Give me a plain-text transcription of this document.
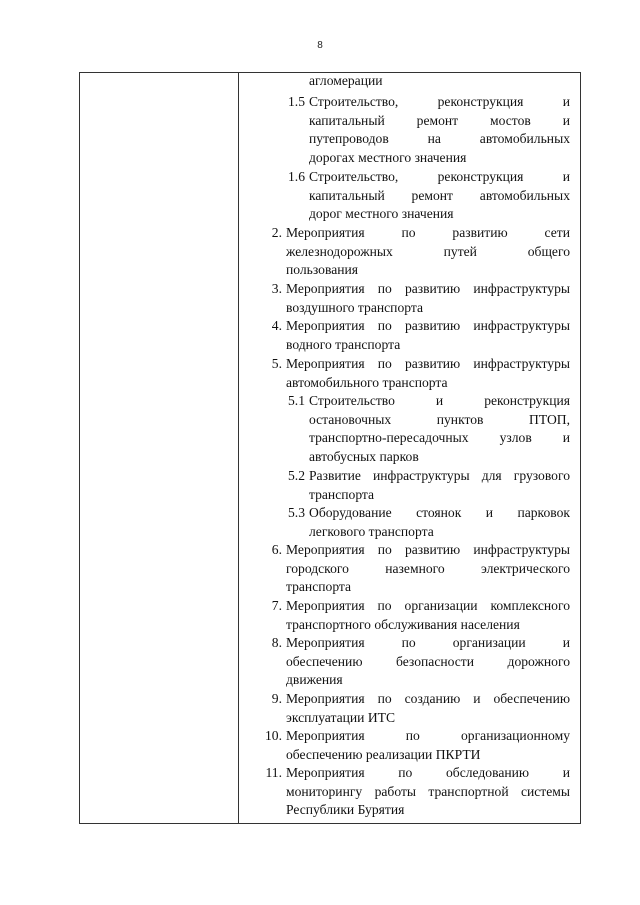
8
агломерации
1.5 Строительство, реконструкция и
капитальный ремонт мостов и
путепроводов на автомобильных
дорогах местного значения
1.6 Строительство, реконструкция и
капитальный ремонт автомобильных
дорог местного значения
2. Мероприятия по развитию сети
железнодорожных путей общего
пользования
3. Мероприятия по развитию инфраструктуры
воздушного транспорта
4. Мероприятия по развитию инфраструктуры
водного транспорта
5. Мероприятия по развитию инфраструктуры
автомобильного транспорта
5.1 Строительство и реконструкция
остановочных пунктов ПТОП,
транспортно-пересадочных узлов и
автобусных парков
5.2 Развитие инфраструктуры для грузового
транспорта
5.3 Оборудование стоянок и парковок
легкового транспорта
6. Мероприятия по развитию инфраструктуры
городского наземного электрического
транспорта
7. Мероприятия по организации комплексного
транспортного обслуживания населения
8. Мероприятия по организации и
обеспечению безопасности дорожного
движения
9. Мероприятия по созданию и обеспечению
эксплуатации ИТС
10. Мероприятия по организационному
обеспечению реализации ПКРТИ
11. Мероприятия по обследованию и
мониторингу работы транспортной системы
Республики Бурятия
